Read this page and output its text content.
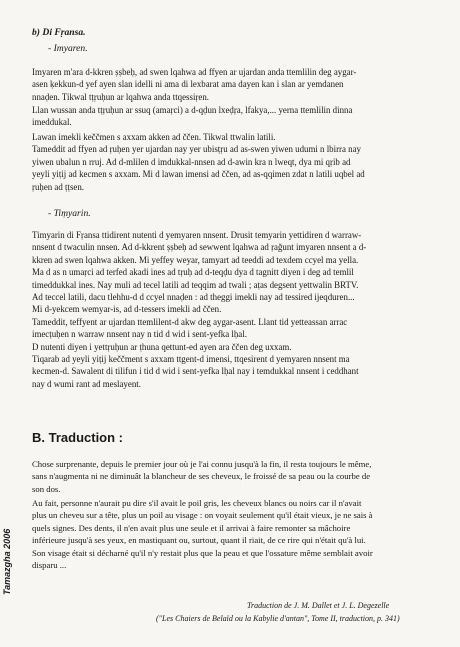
b) Di Fṛansa.
- Imyaren.
Imyaren m'ara d-kkren ṣṣbeḥ, ad swen lqahwa ad ffyen ar ujardan anda ttemlilin deg aygar-
asen ḳekkun-d yef ayen slan idelli ni ama di lexbarat ama dayen kan i slan ar yemdanen
nnaḍen. Tikwal tṭṛuḥun ar lqahwa anda ttqessiṛen.
Llan wussan anda tṭṛuḥun ar ssuq (amaṛci) a d-qḍun lxeḍṛa, lfakya,... yerna ttemlilin dinna
imeddukal.
Lawan imekli keččmen s axxam akken ad ččen. Tikwal ttwalin latili.
Tameddit ad ffyen ad ṛuḥen yer ujardan nay yer ubisṭṛu ad as-swen yiwen udumi n lbirra nay
yiwen ubalun n rruj. Ad d-mlilen d imdukkal-nnsen ad d-awin kra n lweqt, dya mi qṛib ad
yeyli yiṭij ad kecmen s axxam. Mi d lawan imensi ad ččen, ad as-qqimen zdat n latili uqbel ad
ṛuḥen ad ṭṭsen.
- Tiṃyarin.
Timyarin di Fṛansa ttidirent nutenti d yemyaren nnsent. Drusit temyarin yettidiren d warraw-
nnsent d twaculin nnsen. Ad d-kkrent ṣṣbeḥ ad sewwent lqahwa ad ṛağunt imyaren nnsent a d-
kkren ad swen lqahwa akken. Mi yeffey weyar, tamyart ad teeddi ad texdem ccyel ma yella.
Ma d as n umaṛci ad terfed akadi ines ad tṛuḥ ad d-teqḍu dya d tagnitt diyen i deg ad temlil
timeddukkal ines. Nay muli ad tecel latili ad teqqim ad twali ; aṭas degsent yettwalin BRTV.
Ad teccel latili, dacu tlehhu-d d ccyel nnaḍen : ad theggi imekli nay ad tessired ijeqduren...
Mi d-yekcem wemyar-is, ad d-tessers imekli ad ččen.
Tameddit, teffyent ar ujardan ttemlilent-d akw deg aygar-asent. Llant tid yetteassan arrac
imecṭuḥen n warraw nnsent nay n tid d wid i sent-yefka lḥal.
D nutenti diyen i yettṛuḥun ar ṭhuna qettunt-ed ayen ara ččen deg uxxam.
Tiqarab ad yeyli yiṭij keččment s axxam ttgent-d imensi, ttqesirent d yemyaren nnsent ma
kecmen-d. Sawalent di tilifun i tid d wid i sent-yefka lḥal nay i temdukkal nnsent i ceddhant
nay d wumi rant ad meslayent.
B. Traduction :
Chose surprenante, depuis le premier jour où je l'ai connu jusqu'à la fin, il resta toujours le même,
sans n'augmenta ni ne diminuât la blancheur de ses cheveux, le froissé de sa peau ou la courbe de
son dos.
Au fait, personne n'aurait pu dire s'il avait le poil gris, les cheveux blancs ou noirs car il n'avait
plus un cheveu sur a tête, plus un poil au visage : on voyait seulement qu'il était vieux, je ne sais à
quels signes. Des dents, il n'en avait plus une seule et il arrivai à faire remonter sa mâchoire
inférieure jusqu'à ses yeux, en mastiquant ou, surtout, quant il riait, de ce rire qui n'était qu'à lui.
Son visage était si décharné qu'il n'y restait plus que la peau et que l'ossature même semblait avoir
disparu ...
Traduction de J. M. Dallet et J. L. Degezelle
("Les Chaiers de Belaïd ou la Kabylie d'antan", Tome II, traduction, p. 341)
Tamazgha 2006
